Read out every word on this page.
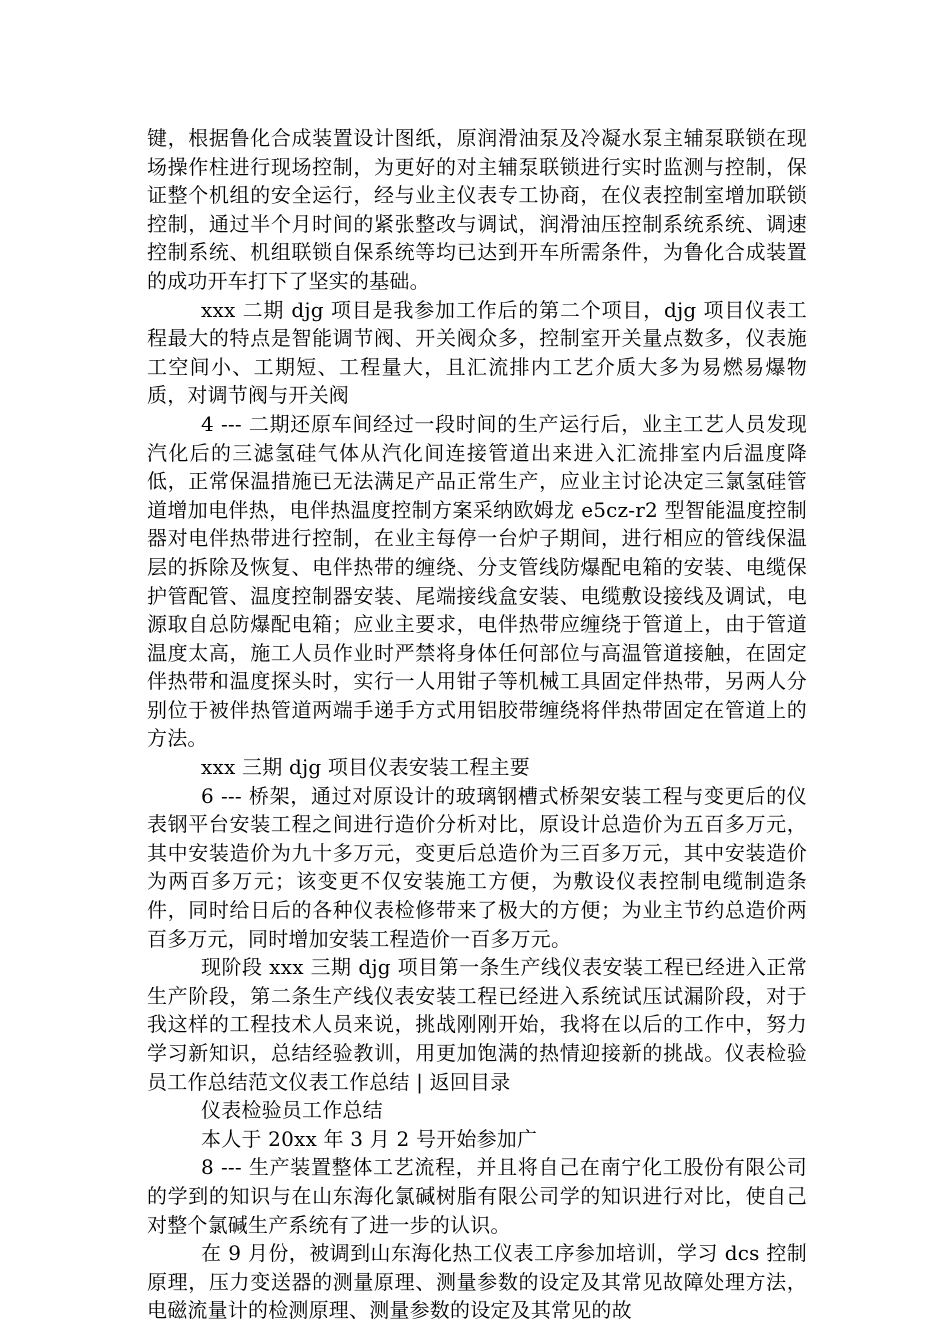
键，根据鲁化合成装置设计图纸，原润滑油泵及冷凝水泵主辅泵联锁在现场操作柱进行现场控制，为更好的对主辅泵联锁进行实时监测与控制，保证整个机组的安全运行，经与业主仪表专工协商，在仪表控制室增加联锁控制，通过半个月时间的紧张整改与调试，润滑油压控制系统系统、调速控制系统、机组联锁自保系统等均已达到开车所需条件，为鲁化合成装置的成功开车打下了坚实的基础。

xxx 二期 djg 项目是我参加工作后的第二个项目，djg 项目仪表工程最大的特点是智能调节阀、开关阀众多，控制室开关量点数多，仪表施工空间小、工期短、工程量大，且汇流排内工艺介质大多为易燃易爆物质，对调节阀与开关阀

4 --- 二期还原车间经过一段时间的生产运行后，业主工艺人员发现汽化后的三滤氢硅气体从汽化间连接管道出来进入汇流排室内后温度降低，正常保温措施已无法满足产品正常生产，应业主讨论决定三氯氢硅管道增加电伴热，电伴热温度控制方案采纳欧姆龙 e5cz-r2 型智能温度控制器对电伴热带进行控制，在业主每停一台炉子期间，进行相应的管线保温层的拆除及恢复、电伴热带的缠绕、分支管线防爆配电箱的安装、电缆保护管配管、温度控制器安装、尾端接线盒安装、电缆敷设接线及调试，电源取自总防爆配电箱；应业主要求，电伴热带应缠绕于管道上，由于管道温度太高，施工人员作业时严禁将身体任何部位与高温管道接触，在固定伴热带和温度探头时，实行一人用钳子等机械工具固定伴热带，另两人分别位于被伴热管道两端手递手方式用铝胶带缠绕将伴热带固定在管道上的方法。

xxx 三期 djg 项目仪表安装工程主要

6 --- 桥架，通过对原设计的玻璃钢槽式桥架安装工程与变更后的仪表钢平台安装工程之间进行造价分析对比，原设计总造价为五百多万元，其中安装造价为九十多万元，变更后总造价为三百多万元，其中安装造价为两百多万元；该变更不仅安装施工方便，为敷设仪表控制电缆制造条件，同时给日后的各种仪表检修带来了极大的方便；为业主节约总造价两百多万元，同时增加安装工程造价一百多万元。

现阶段 xxx 三期 djg 项目第一条生产线仪表安装工程已经进入正常生产阶段，第二条生产线仪表安装工程已经进入系统试压试漏阶段，对于我这样的工程技术人员来说，挑战刚刚开始，我将在以后的工作中，努力学习新知识，总结经验教训，用更加饱满的热情迎接新的挑战。仪表检验员工作总结范文仪表工作总结 | 返回目录

仪表检验员工作总结

本人于 20xx 年 3 月 2 号开始参加广

8 --- 生产装置整体工艺流程，并且将自己在南宁化工股份有限公司的学到的知识与在山东海化氯碱树脂有限公司学的知识进行对比，使自己对整个氯碱生产系统有了进一步的认识。

在 9 月份，被调到山东海化热工仪表工序参加培训，学习 dcs 控制原理，压力变送器的测量原理、测量参数的设定及其常见故障处理方法，电磁流量计的检测原理、测量参数的设定及其常见的故
